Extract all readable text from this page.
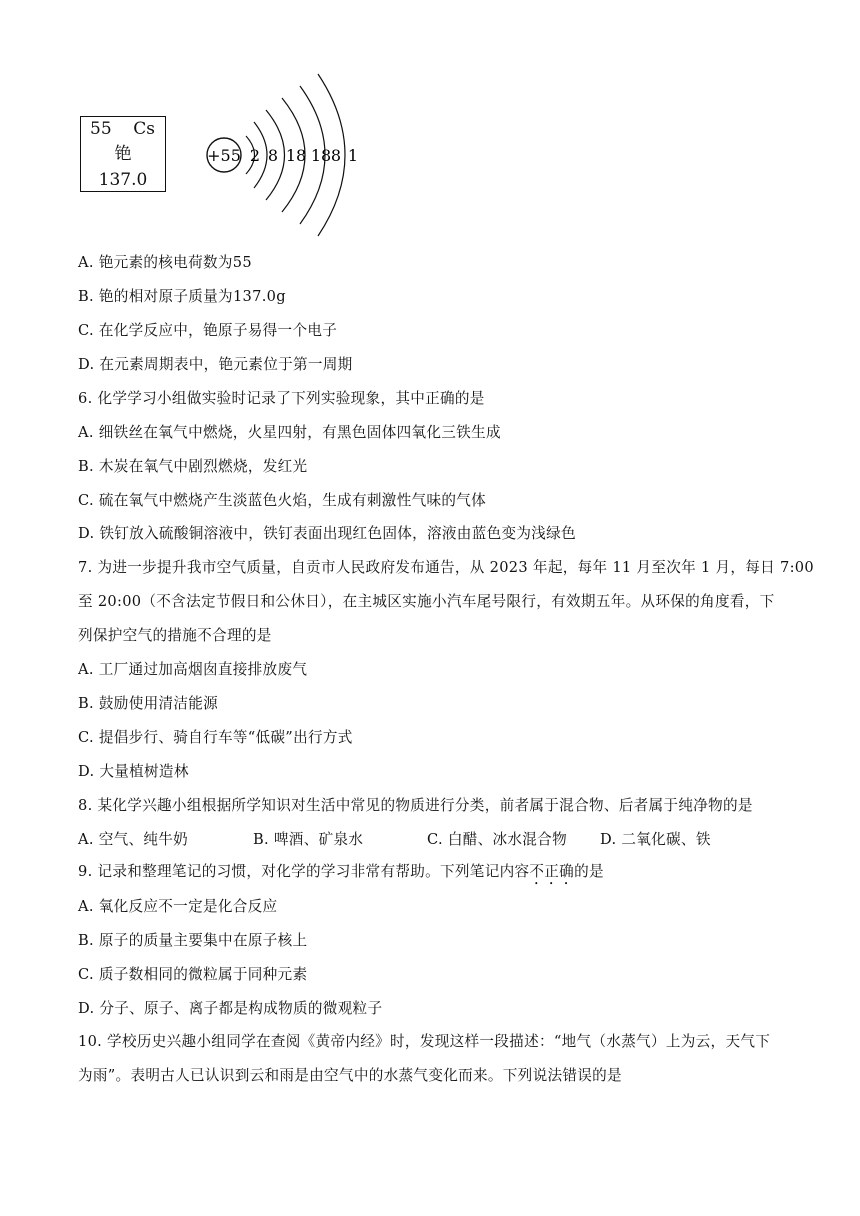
55 Cs
铯
137.0
+55 2 8 18 18 8 1
A. 铯元素的核电荷数为55
B. 铯的相对原子质量为137.0g
C. 在化学反应中，铯原子易得一个电子
D. 在元素周期表中，铯元素位于第一周期
6. 化学学习小组做实验时记录了下列实验现象，其中正确的是
A. 细铁丝在氧气中燃烧，火星四射，有黑色固体四氧化三铁生成
B. 木炭在氧气中剧烈燃烧，发红光
C. 硫在氧气中燃烧产生淡蓝色火焰，生成有刺激性气味的气体
D. 铁钉放入硫酸铜溶液中，铁钉表面出现红色固体，溶液由蓝色变为浅绿色
7. 为进一步提升我市空气质量，自贡市人民政府发布通告，从 2023 年起，每年 11 月至次年 1 月，每日 7:00
至 20:00（不含法定节假日和公休日），在主城区实施小汽车尾号限行，有效期五年。从环保的角度看，下
列保护空气的措施不合理的是
A. 工厂通过加高烟囱直接排放废气
B. 鼓励使用清洁能源
C. 提倡步行、骑自行车等“低碳”出行方式
D. 大量植树造林
8. 某化学兴趣小组根据所学知识对生活中常见的物质进行分类，前者属于混合物、后者属于纯净物的是
A. 空气、纯牛奶	B. 啤酒、矿泉水	C. 白醋、冰水混合物 D. 二氧化碳、铁
9. 记录和整理笔记的习惯，对化学的学习非常有帮助。下列笔记内容不正确的是
A. 氧化反应不一定是化合反应
B. 原子的质量主要集中在原子核上
C. 质子数相同的微粒属于同种元素
D. 分子、原子、离子都是构成物质的微观粒子
10. 学校历史兴趣小组同学在查阅《黄帝内经》时，发现这样一段描述：“地气（水蒸气）上为云，天气下
为雨”。表明古人已认识到云和雨是由空气中的水蒸气变化而来。下列说法错误的是
